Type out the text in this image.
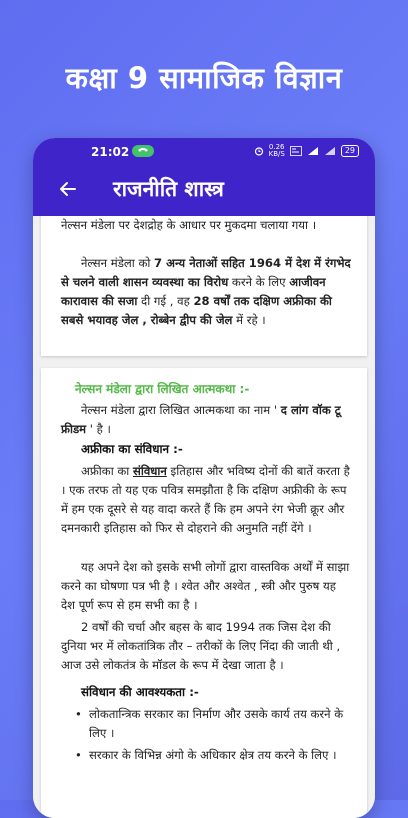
कक्षा 9 सामाजिक विज्ञान
21:02	0.26
KB/S	29
राजनीति शास्त्र

नेल्सन मंडेला पर देशद्रोह के आधार पर मुकदमा चलाया गया ।

नेल्सन मंडेला को 7 अन्य नेताओं सहित 1964 में देश में रंगभेद से चलने वाली शासन व्यवस्था का विरोध करने के लिए आजीवन कारावास की सजा दी गई , वह 28 वर्षों तक दक्षिण अफ्रीका की सबसे भयावह जेल , रोब्बेन द्वीप की जेल में रहे ।

नेल्सन मंडेला द्वारा लिखित आत्मकथा :-

नेल्सन मंडेला द्वारा लिखित आत्मकथा का नाम ' द लांग वॉक टू फ्रीडम ' है ।

अफ्रीका का संविधान :-

अफ्रीका का संविधान इतिहास और भविष्य दोनों की बातें करता है । एक तरफ तो यह एक पवित्र समझौता है कि दक्षिण अफ्रीकी के रूप में हम एक दूसरे से यह वादा करते हैं कि हम अपने रंग भेजी क्रूर और दमनकारी इतिहास को फिर से दोहराने की अनुमति नहीं देंगे ।

यह अपने देश को इसके सभी लोगों द्वारा वास्तविक अर्थों में साझा करने का घोषणा पत्र भी है । श्वेत और अश्वेत , स्त्री और पुरुष यह देश पूर्ण रूप से हम सभी का है ।

2 वर्षों की चर्चा और बहस के बाद 1994 तक जिस देश की दुनिया भर में लोकतांत्रिक तौर – तरीकों के लिए निंदा की जाती थी , आज उसे लोकतंत्र के मॉडल के रूप में देखा जाता है ।

संविधान की आवश्यकता :-
• लोकतान्त्रिक सरकार का निर्माण और उसके कार्य तय करने के लिए ।
• सरकार के विभिन्न अंगो के अधिकार क्षेत्र तय करने के लिए ।
